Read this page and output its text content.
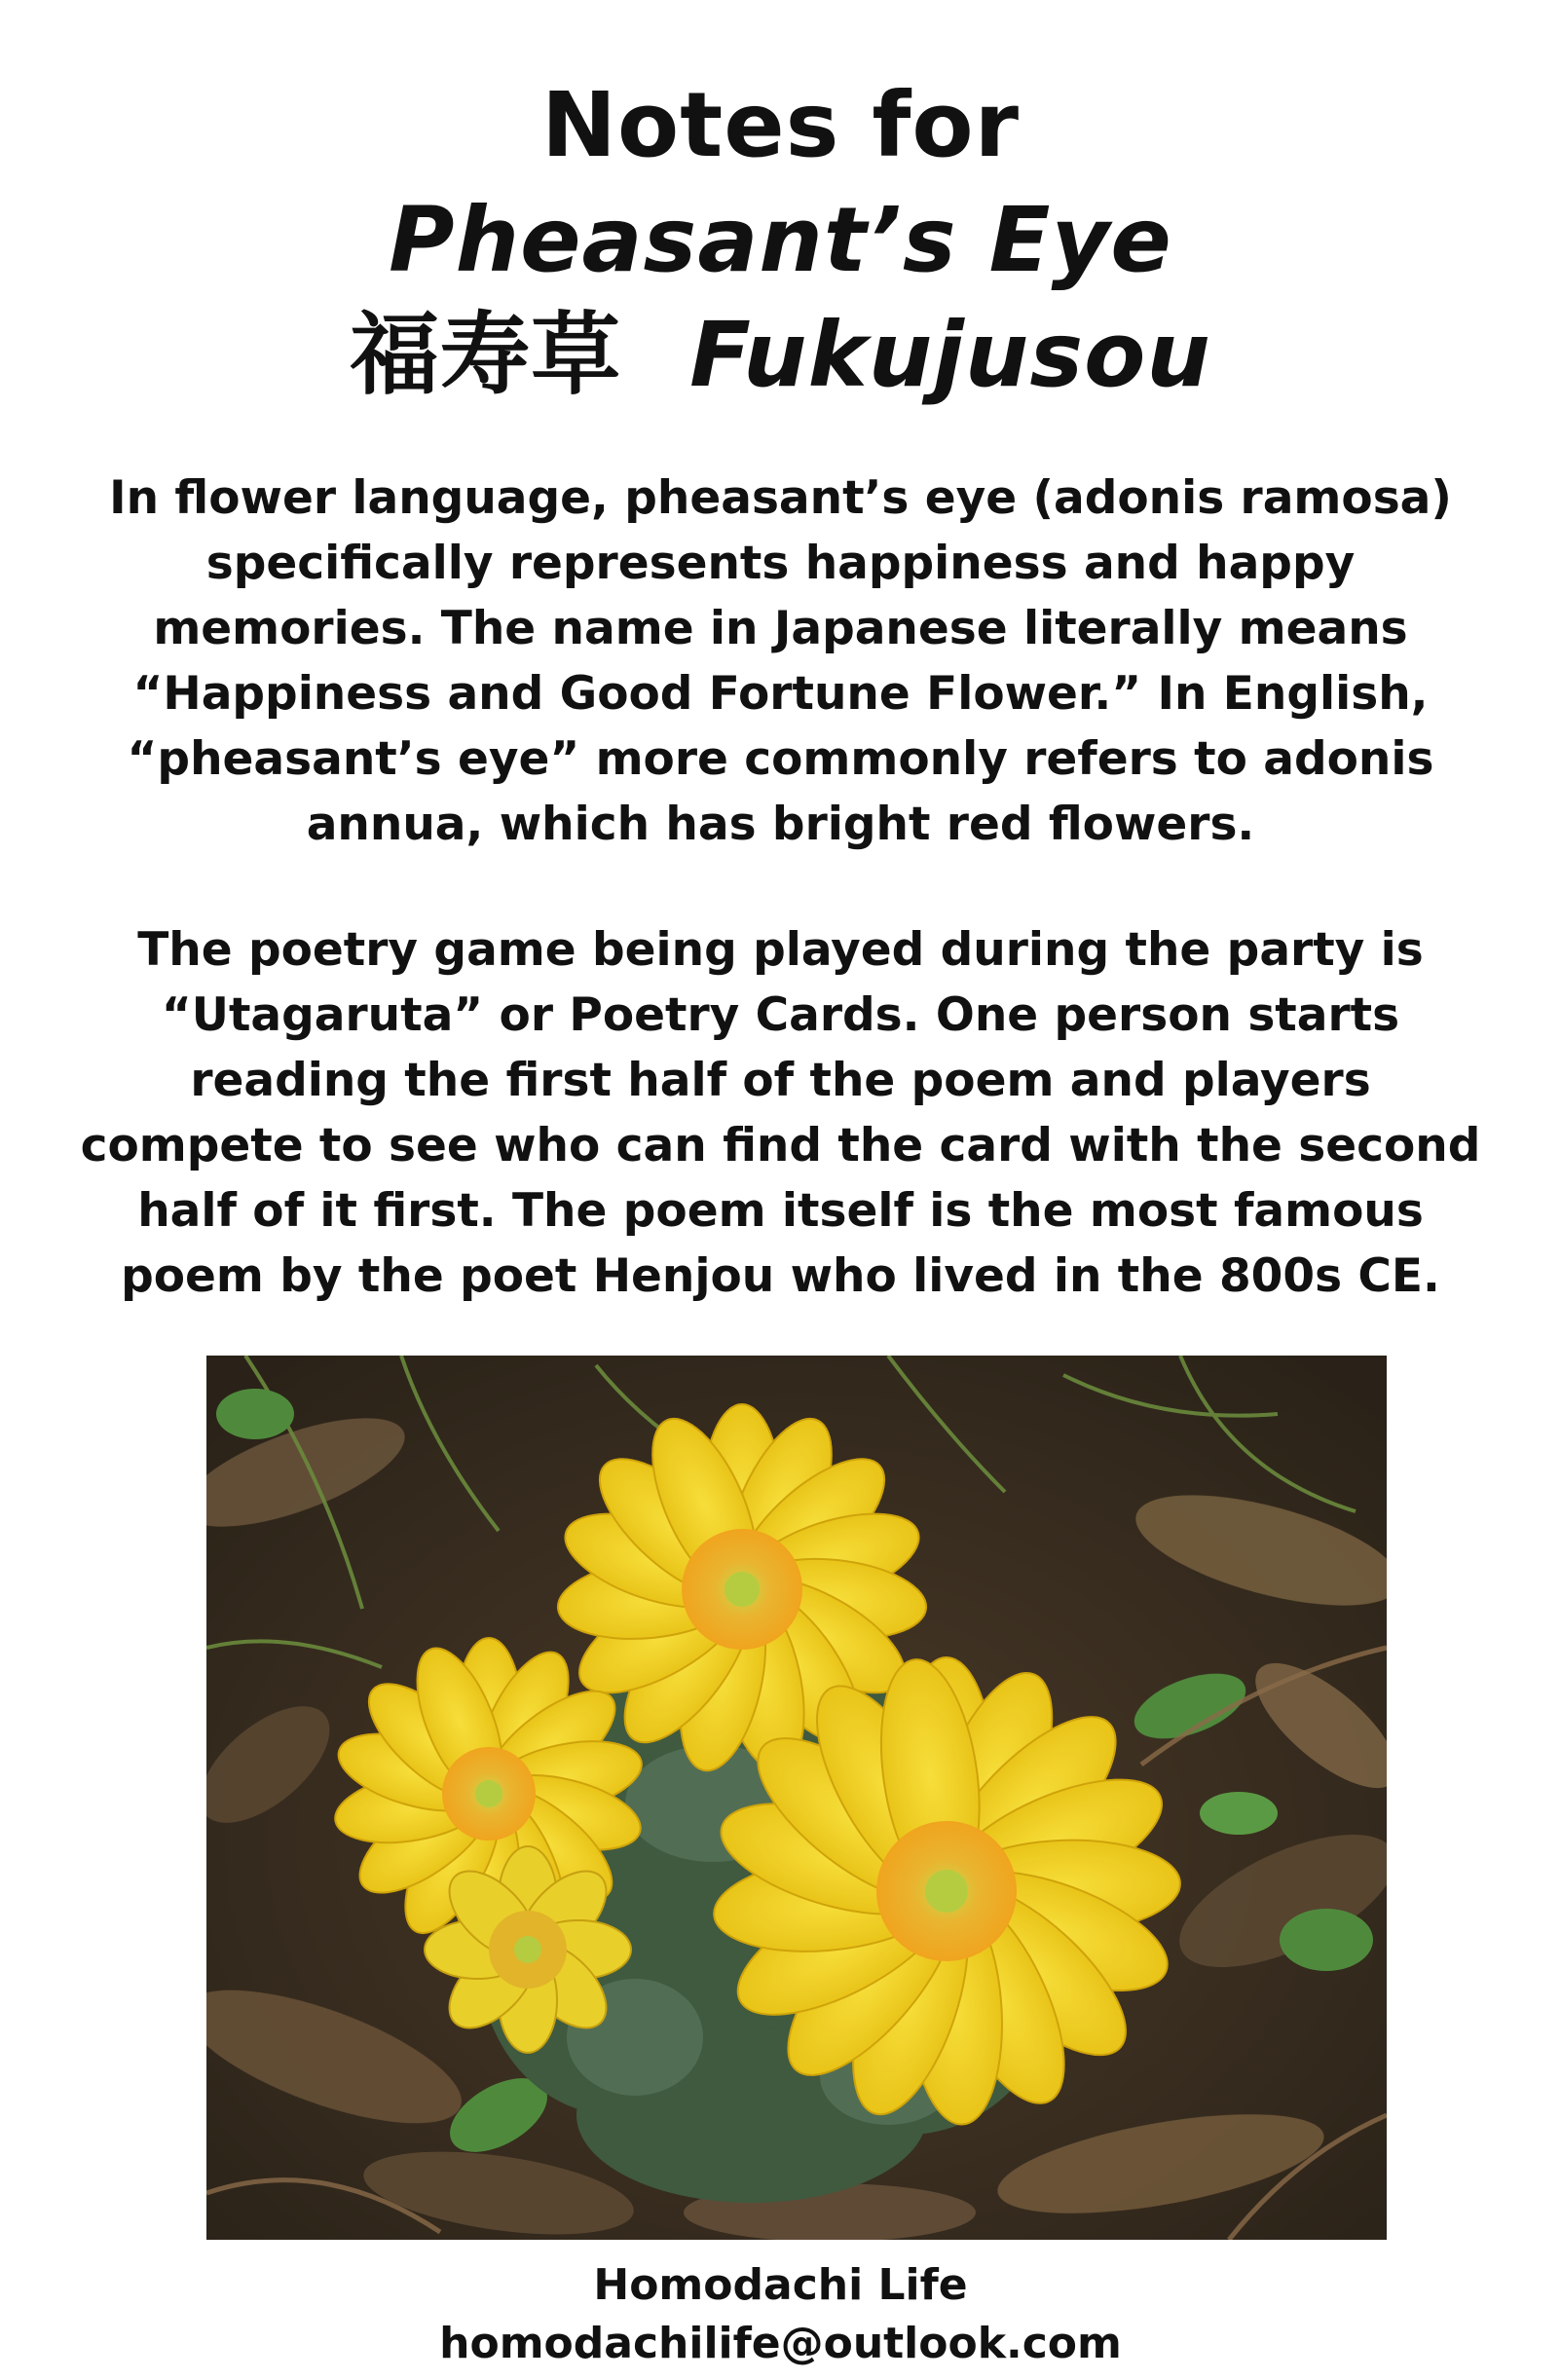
Notes for
Pheasant’s Eye
福寿草 Fukujusou

In flower language, pheasant’s eye (adonis ramosa) specifically represents happiness and happy memories. The name in Japanese literally means “Happiness and Good Fortune Flower.” In English, “pheasant’s eye” more commonly refers to adonis annua, which has bright red flowers.

The poetry game being played during the party is “Utagaruta” or Poetry Cards. One person starts reading the first half of the poem and players compete to see who can find the card with the second half of it first. The poem itself is the most famous poem by the poet Henjou who lived in the 800s CE.

Homodachi Life
homodachilife@outlook.com
